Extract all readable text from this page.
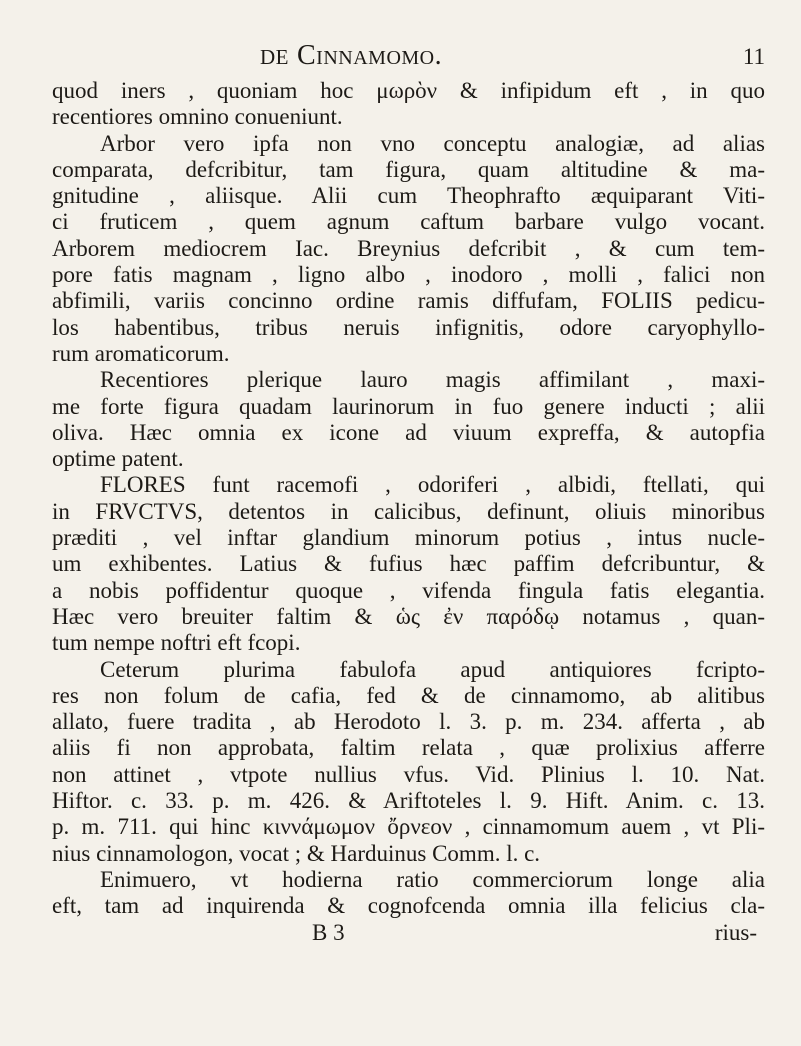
DE Cinnamomo.	11
quod iners , quoniam hoc μωρὸν & infipidum eft , in quo
recentiores omnino conueniunt.
Arbor vero ipfa non vno conceptu analogiæ, ad alias
comparata, defcribitur, tam figura, quam altitudine & ma-
gnitudine , aliisque. Alii cum Theophrafto æquiparant Viti-
ci fruticem , quem agnum caftum barbare vulgo vocant.
Arborem mediocrem Iac. Breynius defcribit , & cum tem-
pore fatis magnam , ligno albo , inodoro , molli , falici non
abfimili, variis concinno ordine ramis diffufam, FOLIIS pedicu-
los habentibus, tribus neruis infignitis, odore caryophyllo-
rum aromaticorum.
Recentiores plerique lauro magis affimilant , maxi-
me forte figura quadam laurinorum in fuo genere inducti ; alii
oliva. Hæc omnia ex icone ad viuum expreffa, & autopfia
optime patent.
FLORES funt racemofi , odoriferi , albidi, ftellati, qui
in FRVCTVS, detentos in calicibus, definunt, oliuis minoribus
præditi , vel inftar glandium minorum potius , intus nucle-
um exhibentes. Latius & fufius hæc paffim defcribuntur, &
a nobis poffidentur quoque , vifenda fingula fatis elegantia.
Hæc vero breuiter faltim & ὡς ἐν παρόδῳ notamus , quan-
tum nempe noftri eft fcopi.
Ceterum plurima fabulofa apud antiquiores fcripto-
res non folum de cafia, fed & de cinnamomo, ab alitibus
allato, fuere tradita , ab Herodoto l. 3. p. m. 234. afferta , ab
aliis fi non approbata, faltim relata , quæ prolixius afferre
non attinet , vtpote nullius vfus. Vid. Plinius l. 10. Nat.
Hiftor. c. 33. p. m. 426. & Ariftoteles l. 9. Hift. Anim. c. 13.
p. m. 711. qui hinc κιννάμωμον ὄρνεον , cinnamomum auem , vt Pli-
nius cinnamologon, vocat ; & Harduinus Comm. l. c.
Enimuero, vt hodierna ratio commerciorum longe alia
eft, tam ad inquirenda & cognofcenda omnia illa felicius cla-
B 3	rius-
